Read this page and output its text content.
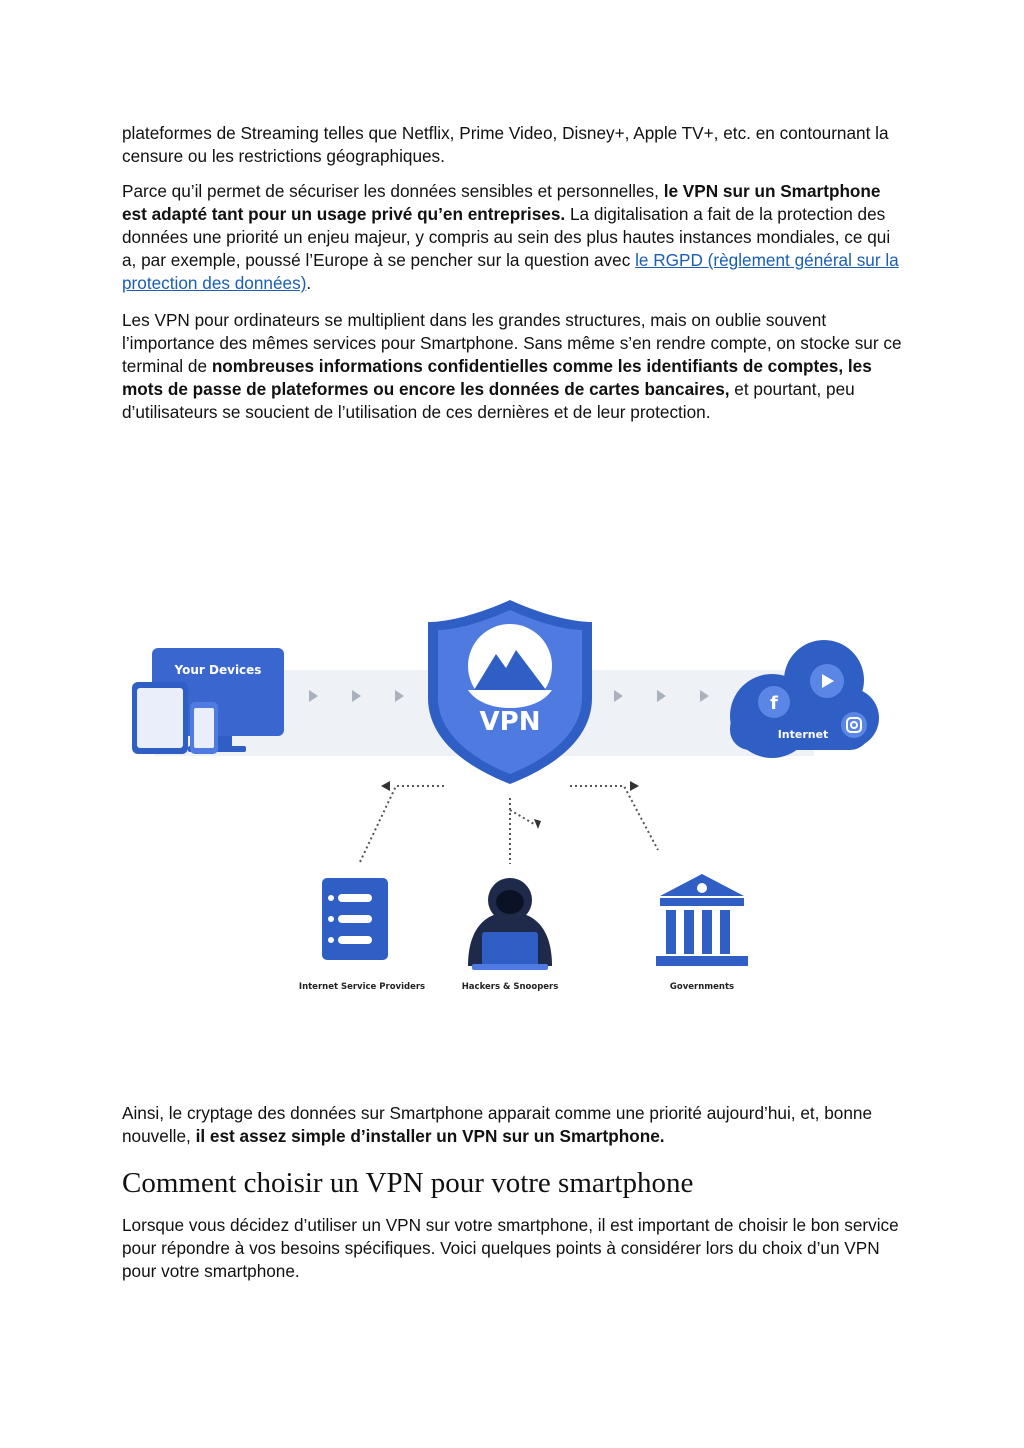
plateformes de Streaming telles que Netflix, Prime Video, Disney+, Apple TV+, etc. en contournant la censure ou les restrictions géographiques.

Parce qu’il permet de sécuriser les données sensibles et personnelles, le VPN sur un Smartphone est adapté tant pour un usage privé qu’en entreprises. La digitalisation a fait de la protection des données une priorité un enjeu majeur, y compris au sein des plus hautes instances mondiales, ce qui a, par exemple, poussé l’Europe à se pencher sur la question avec le RGPD (règlement général sur la protection des données).

Les VPN pour ordinateurs se multiplient dans les grandes structures, mais on oublie souvent l’importance des mêmes services pour Smartphone. Sans même s’en rendre compte, on stocke sur ce terminal de nombreuses informations confidentielles comme les identifiants de comptes, les mots de passe de plateformes ou encore les données de cartes bancaires, et pourtant, peu d’utilisateurs se soucient de l’utilisation de ces dernières et de leur protection.

Your Devices
VPN
f
Internet
Internet Service Providers	Hackers & Snoopers	Governments

Ainsi, le cryptage des données sur Smartphone apparait comme une priorité aujourd’hui, et, bonne nouvelle, il est assez simple d’installer un VPN sur un Smartphone.

Comment choisir un VPN pour votre smartphone

Lorsque vous décidez d’utiliser un VPN sur votre smartphone, il est important de choisir le bon service pour répondre à vos besoins spécifiques. Voici quelques points à considérer lors du choix d’un VPN pour votre smartphone.
